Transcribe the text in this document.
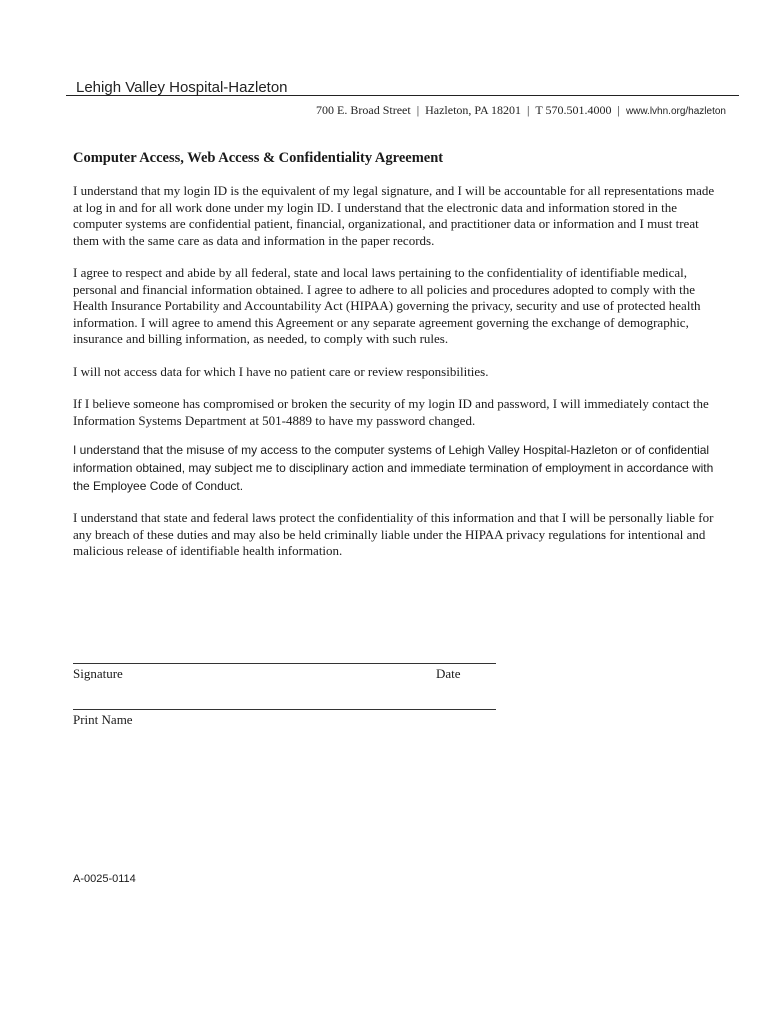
Lehigh Valley Hospital-Hazleton
700 E. Broad Street | Hazleton, PA 18201 | T 570.501.4000 | www.lvhn.org/hazleton
Computer Access, Web Access & Confidentiality Agreement

I understand that my login ID is the equivalent of my legal signature, and I will be accountable for all representations made at log in and for all work done under my login ID. I understand that the electronic data and information stored in the computer systems are confidential patient, financial, organizational, and practitioner data or information and I must treat them with the same care as data and information in the paper records.

I agree to respect and abide by all federal, state and local laws pertaining to the confidentiality of identifiable medical, personal and financial information obtained. I agree to adhere to all policies and procedures adopted to comply with the Health Insurance Portability and Accountability Act (HIPAA) governing the privacy, security and use of protected health information. I will agree to amend this Agreement or any separate agreement governing the exchange of demographic, insurance and billing information, as needed, to comply with such rules.

I will not access data for which I have no patient care or review responsibilities.

If I believe someone has compromised or broken the security of my login ID and password, I will immediately contact the Information Systems Department at 501-4889 to have my password changed.

I understand that the misuse of my access to the computer systems of Lehigh Valley Hospital-Hazleton or of confidential information obtained, may subject me to disciplinary action and immediate termination of employment in accordance with the Employee Code of Conduct.

I understand that state and federal laws protect the confidentiality of this information and that I will be personally liable for any breach of these duties and may also be held criminally liable under the HIPAA privacy regulations for intentional and malicious release of identifiable health information.

Signature	Date
Print Name
A-0025-0114
